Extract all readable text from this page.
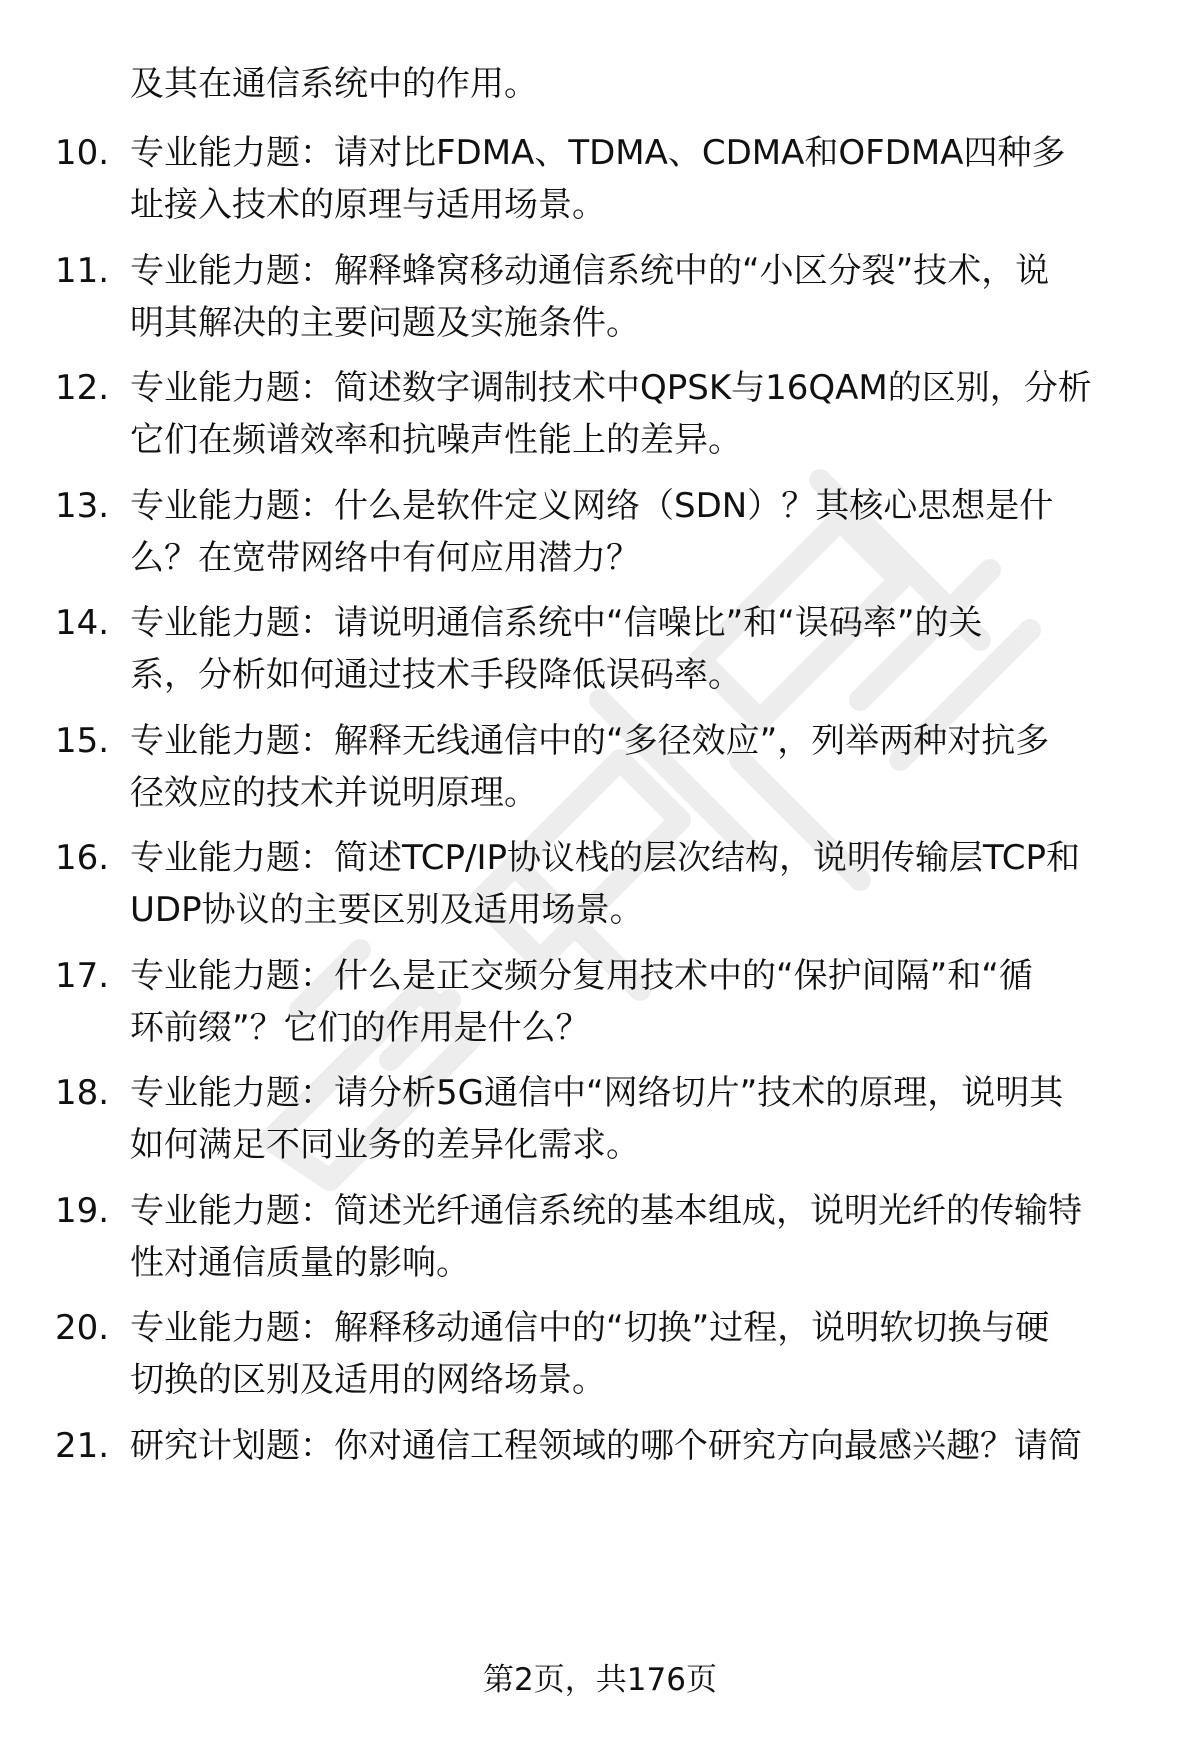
及其在通信系统中的作用。
10. 专业能力题：请对比FDMA、TDMA、CDMA和OFDMA四种多
址接入技术的原理与适用场景。
11. 专业能力题：解释蜂窝移动通信系统中的“小区分裂”技术，说
明其解决的主要问题及实施条件。
12. 专业能力题：简述数字调制技术中QPSK与16QAM的区别，分析
它们在频谱效率和抗噪声性能上的差异。
13. 专业能力题：什么是软件定义网络（SDN）？其核心思想是什
么？在宽带网络中有何应用潜力？
14. 专业能力题：请说明通信系统中“信噪比”和“误码率”的关
系，分析如何通过技术手段降低误码率。
15. 专业能力题：解释无线通信中的“多径效应”，列举两种对抗多
径效应的技术并说明原理。
16. 专业能力题：简述TCP/IP协议栈的层次结构，说明传输层TCP和
UDP协议的主要区别及适用场景。
17. 专业能力题：什么是正交频分复用技术中的“保护间隔”和“循
环前缀”？它们的作用是什么？
18. 专业能力题：请分析5G通信中“网络切片”技术的原理，说明其
如何满足不同业务的差异化需求。
19. 专业能力题：简述光纤通信系统的基本组成，说明光纤的传输特
性对通信质量的影响。
20. 专业能力题：解释移动通信中的“切换”过程，说明软切换与硬
切换的区别及适用的网络场景。
21. 研究计划题：你对通信工程领域的哪个研究方向最感兴趣？请简
第2页，共176页
